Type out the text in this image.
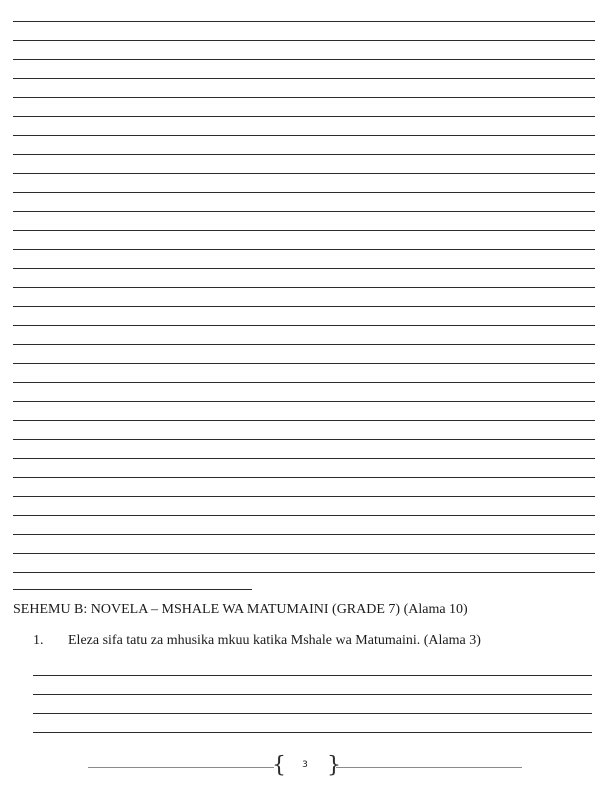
SEHEMU B: NOVELA – MSHALE WA MATUMAINI (GRADE 7) (Alama 10)
1. Eleza sifa tatu za mhusika mkuu katika Mshale wa Matumaini. (Alama 3)
{	3 }
